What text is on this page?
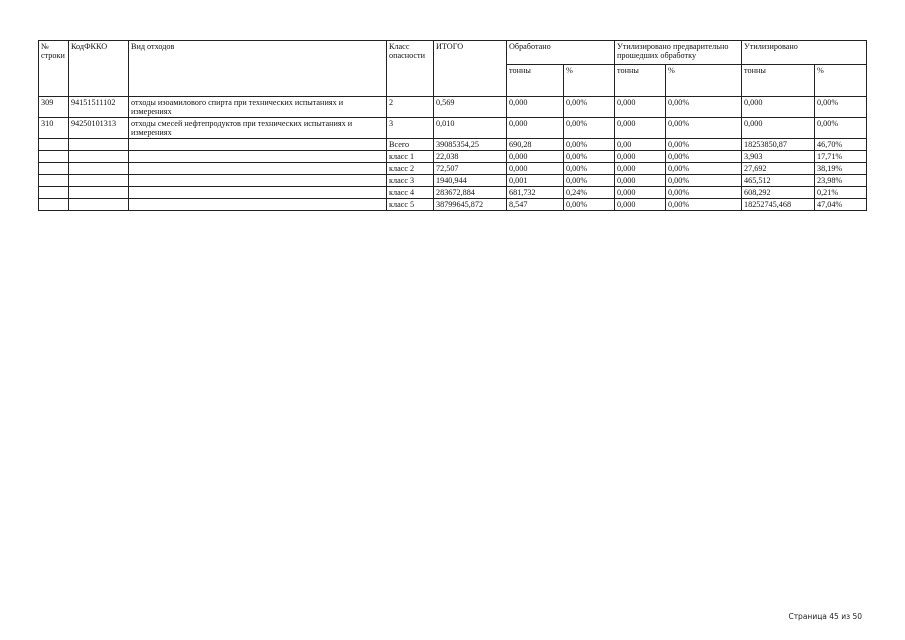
№ строки	КодФККО	Вид отходов	Класс опасности	ИТОГО	Обработано		Утилизировано предварительно прошедших обработку		Утилизировано	
					тонны	%	тонны	%	тонны	%
309	94151511102	отходы изоамилового спирта при технических испытаниях и измерениях	2	0,569	0,000	0,00%	0,000	0,00%	0,000	0,00%
310	94250101313	отходы смесей нефтепродуктов при технических испытаниях и измерениях	3	0,010	0,000	0,00%	0,000	0,00%	0,000	0,00%
			Всего	39085354,25	690,28	0,00%	0,00	0,00%	18253850,87	46,70%
			класс 1	22,038	0,000	0,00%	0,000	0,00%	3,903	17,71%
			класс 2	72,507	0,000	0,00%	0,000	0,00%	27,692	38,19%
			класс 3	1940,944	0,001	0,00%	0,000	0,00%	465,512	23,98%
			класс 4	283672,884	681,732	0,24%	0,000	0,00%	608,292	0,21%
			класс 5	38799645,872	8,547	0,00%	0,000	0,00%	18252745,468	47,04%
Страница 45 из 50
